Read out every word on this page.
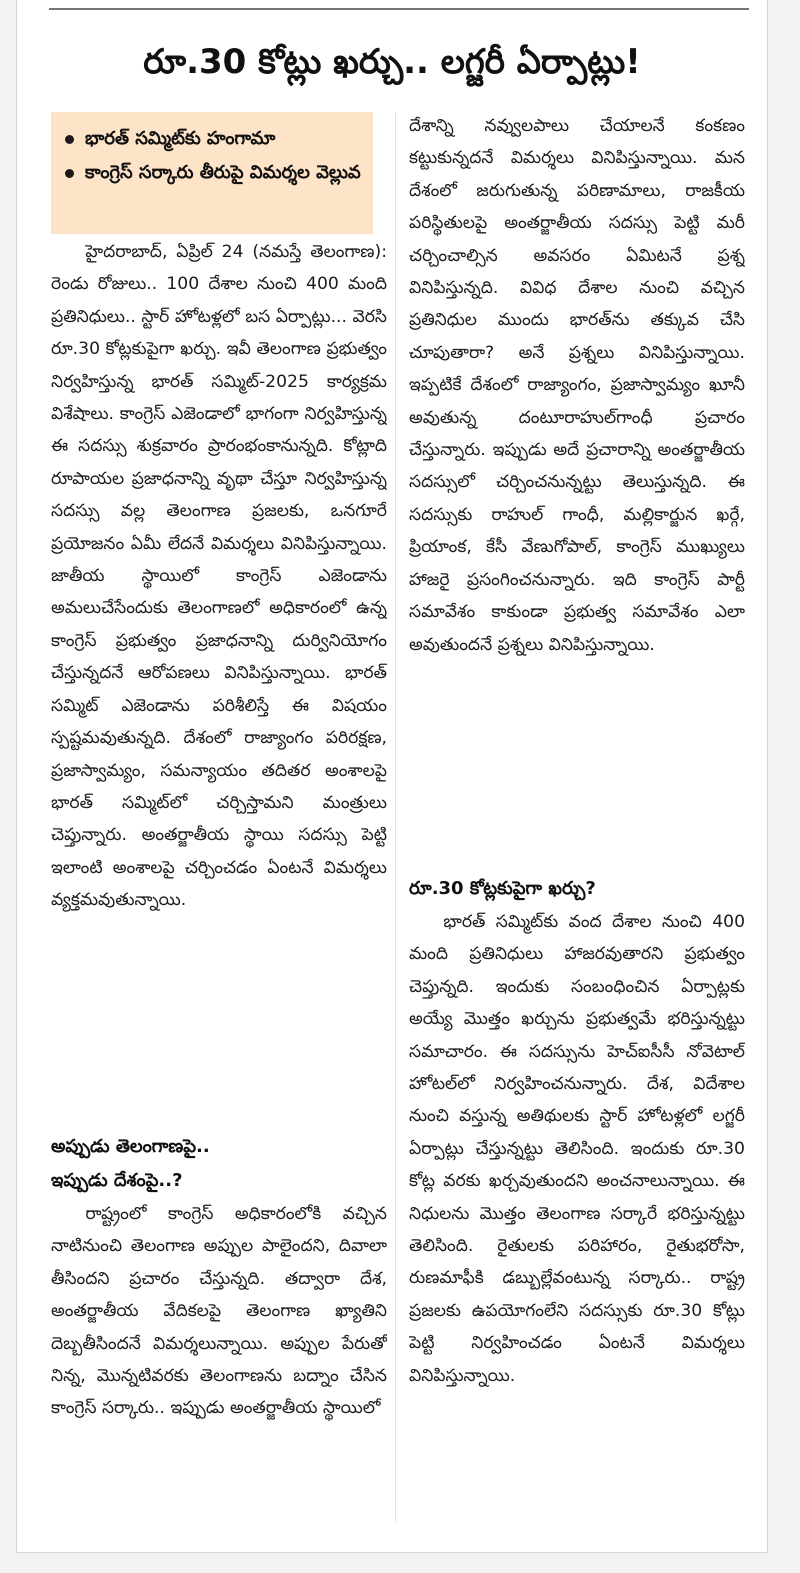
రూ.30 కోట్లు ఖర్చు.. లగ్జరీ ఏర్పాట్లు!
భారత్ సమ్మిట్‌కు హంగామా
కాంగ్రెస్ సర్కారు తీరుపై విమర్శల వెల్లువ

హైదరాబాద్, ఏప్రిల్ 24 (నమస్తే తెలంగాణ): రెండు రోజులు.. 100 దేశాల నుంచి 400 మంది ప్రతినిధులు.. స్టార్ హోటళ్లలో బస ఏర్పాట్లు... వెరసి రూ.30 కోట్లకుపైగా ఖర్చు. ఇవీ తెలంగాణ ప్రభుత్వం నిర్వహిస్తున్న భారత్ సమ్మిట్-2025 కార్యక్రమ విశేషాలు. కాంగ్రెస్ ఎజెండాలో భాగంగా నిర్వహిస్తున్న ఈ సదస్సు శుక్రవారం ప్రారంభంకానున్నది. కోట్లాది రూపాయల ప్రజాధనాన్ని వృథా చేస్తూ నిర్వహిస్తున్న సదస్సు వల్ల తెలంగాణ ప్రజలకు, ఒనగూరే ప్రయోజనం ఏమీ లేదనే విమర్శలు వినిపిస్తున్నాయి. జాతీయ స్థాయిలో కాంగ్రెస్ ఎజెండాను అమలుచేసేందుకు తెలంగాణలో అధికారంలో ఉన్న కాంగ్రెస్ ప్రభుత్వం ప్రజాధనాన్ని దుర్వినియోగం చేస్తున్నదనే ఆరోపణలు వినిపిస్తున్నాయి. భారత్ సమ్మిట్ ఎజెండాను పరిశీలిస్తే ఈ విషయం స్పష్టమవుతున్నది. దేశంలో రాజ్యాంగం పరిరక్షణ, ప్రజాస్వామ్యం, సమన్యాయం తదితర అంశాలపై భారత్ సమ్మిట్‌లో చర్చిస్తామని మంత్రులు చెప్తున్నారు. అంతర్జాతీయ స్థాయి సదస్సు పెట్టి ఇలాంటి అంశాలపై చర్చించడం ఏంటనే విమర్శలు వ్యక్తమవుతున్నాయి.

అప్పుడు తెలంగాణపై..
ఇప్పుడు దేశంపై..?

రాష్ట్రంలో కాంగ్రెస్ అధికారంలోకి వచ్చిన నాటినుంచి తెలంగాణ అప్పుల పాలైందని, దివాలా తీసిందని ప్రచారం చేస్తున్నది. తద్వారా దేశ, అంతర్జాతీయ వేదికలపై తెలంగాణ ఖ్యాతిని దెబ్బతీసిందనే విమర్శలున్నాయి. అప్పుల పేరుతో నిన్న, మొన్నటివరకు తెలంగాణను బద్నాం చేసిన కాంగ్రెస్ సర్కారు.. ఇప్పుడు అంతర్జాతీయ స్థాయిలో

దేశాన్ని నవ్వులపాలు చేయాలనే కంకణం కట్టుకున్నదనే విమర్శలు వినిపిస్తున్నాయి. మన దేశంలో జరుగుతున్న పరిణామాలు, రాజకీయ పరిస్థితులపై అంతర్జాతీయ సదస్సు పెట్టి మరీ చర్చించాల్సిన అవసరం ఏమిటనే ప్రశ్న వినిపిస్తున్నది. వివిధ దేశాల నుంచి వచ్చిన ప్రతినిధుల ముందు భారత్‌ను తక్కువ చేసి చూపుతారా? అనే ప్రశ్నలు వినిపిస్తున్నాయి. ఇప్పటికే దేశంలో రాజ్యాంగం, ప్రజాస్వామ్యం ఖూనీ అవుతున్న దంటూరాహుల్‌గాంధీ ప్రచారం చేస్తున్నారు. ఇప్పుడు అదే ప్రచారాన్ని అంతర్జాతీయ సదస్సులో చర్చించనున్నట్టు తెలుస్తున్నది. ఈ సదస్సుకు రాహుల్ గాంధీ, మల్లికార్జున ఖర్గే, ప్రియాంక, కేసీ వేణుగోపాల్, కాంగ్రెస్ ముఖ్యులు హాజరై ప్రసంగించనున్నారు. ఇది కాంగ్రెస్ పార్టీ సమావేశం కాకుండా ప్రభుత్వ సమావేశం ఎలా అవుతుందనే ప్రశ్నలు వినిపిస్తున్నాయి.

రూ.30 కోట్లకుపైగా ఖర్చు?

భారత్ సమ్మిట్‌కు వంద దేశాల నుంచి 400 మంది ప్రతినిధులు హాజరవుతారని ప్రభుత్వం చెప్తున్నది. ఇందుకు సంబంధించిన ఏర్పాట్లకు అయ్యే మొత్తం ఖర్చును ప్రభుత్వమే భరిస్తున్నట్టు సమాచారం. ఈ సదస్సును హెచ్‌ఐసీసీ నోవెటాల్ హోటల్‌లో నిర్వహించనున్నారు. దేశ, విదేశాల నుంచి వస్తున్న అతిథులకు స్టార్ హోటళ్లలో లగ్జరీ ఏర్పాట్లు చేస్తున్నట్టు తెలిసింది. ఇందుకు రూ.30 కోట్ల వరకు ఖర్చవుతుందని అంచనాలున్నాయి. ఈ నిధులను మొత్తం తెలంగాణ సర్కారే భరిస్తున్నట్టు తెలిసింది. రైతులకు పరిహారం, రైతుభరోసా, రుణమాఫీకి డబ్బుల్లేవంటున్న సర్కారు.. రాష్ట్ర ప్రజలకు ఉపయోగంలేని సదస్సుకు రూ.30 కోట్లు పెట్టి నిర్వహించడం ఏంటనే విమర్శలు వినిపిస్తున్నాయి.
